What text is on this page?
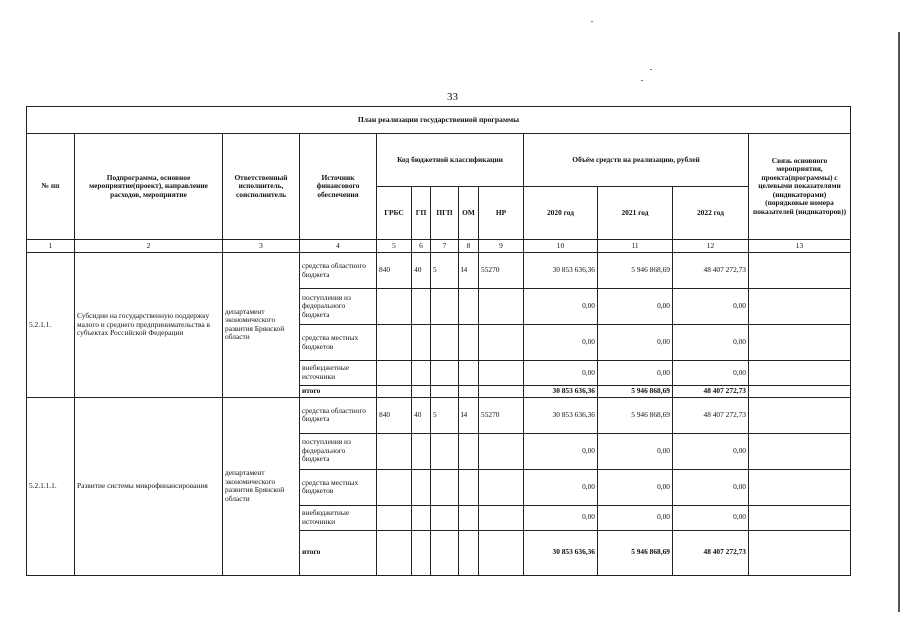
33
План реализации государственной программы												
№ пп	Подпрограмма, основное мероприятие(проект), направление расходов, мероприятие	Ответственный исполнитель, соисполнитель	Источник финансового обеспечения	Код бюджетной классификации					Объём средств на реализацию, рублей			Связь основного мероприятия, проекта(программы) с целевыми показателями (индикаторами) (порядковые номера показателей (индикаторов))
				ГРБС	ГП	ПГП	ОМ	НР	2020 год	2021 год	2022 год	
1	2	3	4	5	6	7	8	9	10	11	12	13
5.2.1.1.	Субсидии на государственную поддержку малого и среднего предпринимательства в субъектах Российской Федерации	департамент экономического развития Брянской области	средства областного бюджета	840	40	5	I4	55270	30 853 636,36	5 946 868,69	48 407 272,73	
			поступления из федерального бюджета						0,00	0,00	0,00	
			средства местных бюджетов						0,00	0,00	0,00	
			внебюджетные источники						0,00	0,00	0,00	
			итого						30 853 636,36	5 946 868,69	48 407 272,73	
5.2.1.1.1.	Развитие системы микрофинансирования	департамент экономического развития Брянской области	средства областного бюджета	840	40	5	I4	55270	30 853 636,36	5 946 868,69	48 407 272,73	
			поступления из федерального бюджета						0,00	0,00	0,00	
			средства местных бюджетов						0,00	0,00	0,00	
			внебюджетные источники						0,00	0,00	0,00	
			итого						30 853 636,36	5 946 868,69	48 407 272,73	
